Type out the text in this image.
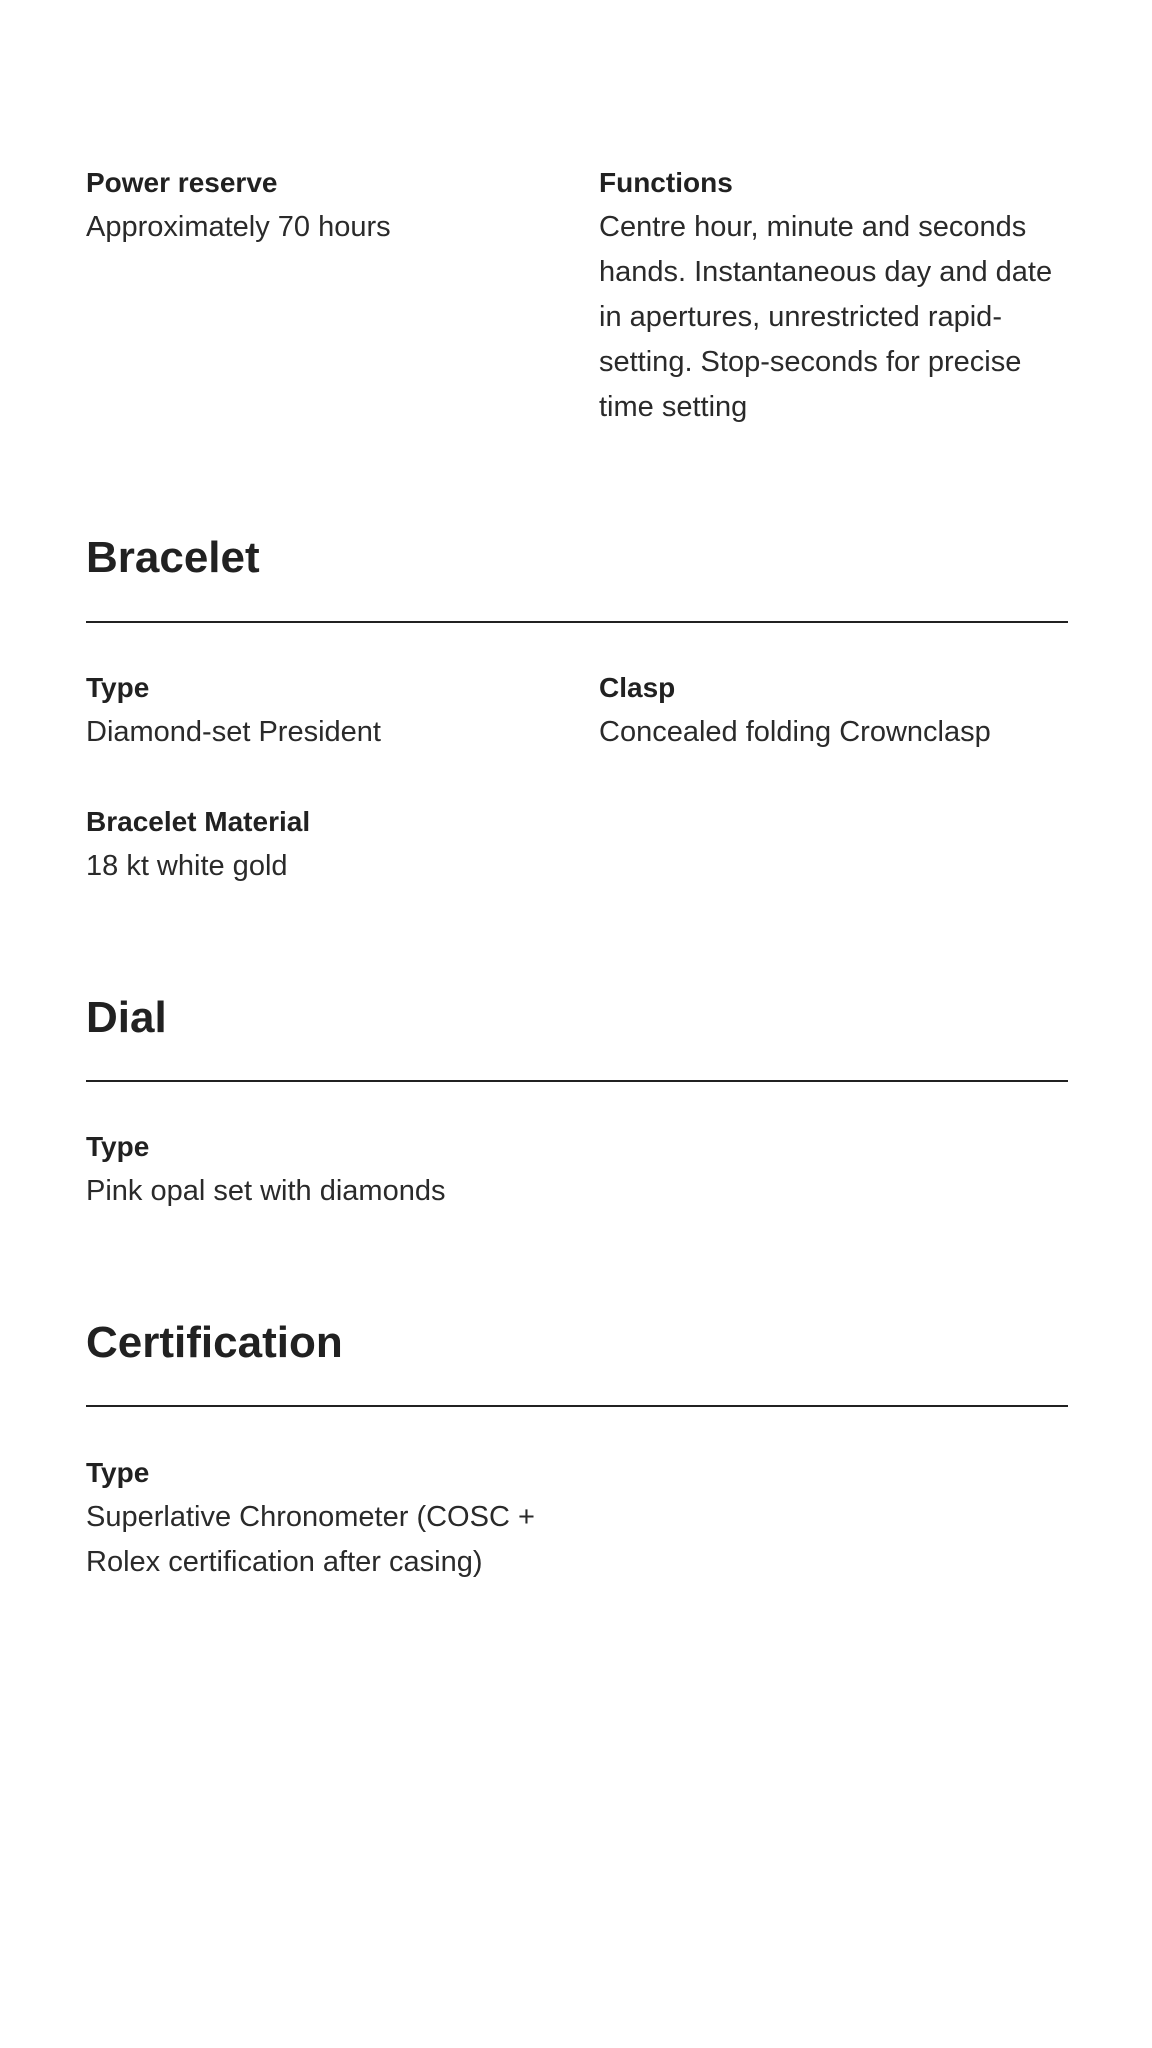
Power reserve

Approximately 70 hours

Functions

Centre hour, minute and seconds hands. Instantaneous day and date in apertures, unrestricted rapid-setting. Stop-seconds for precise time setting

Bracelet

Type

Diamond-set President

Clasp

Concealed folding Crownclasp

Bracelet Material

18 kt white gold

Dial

Type

Pink opal set with diamonds

Certification

Type

Superlative Chronometer (COSC + Rolex certification after casing)
